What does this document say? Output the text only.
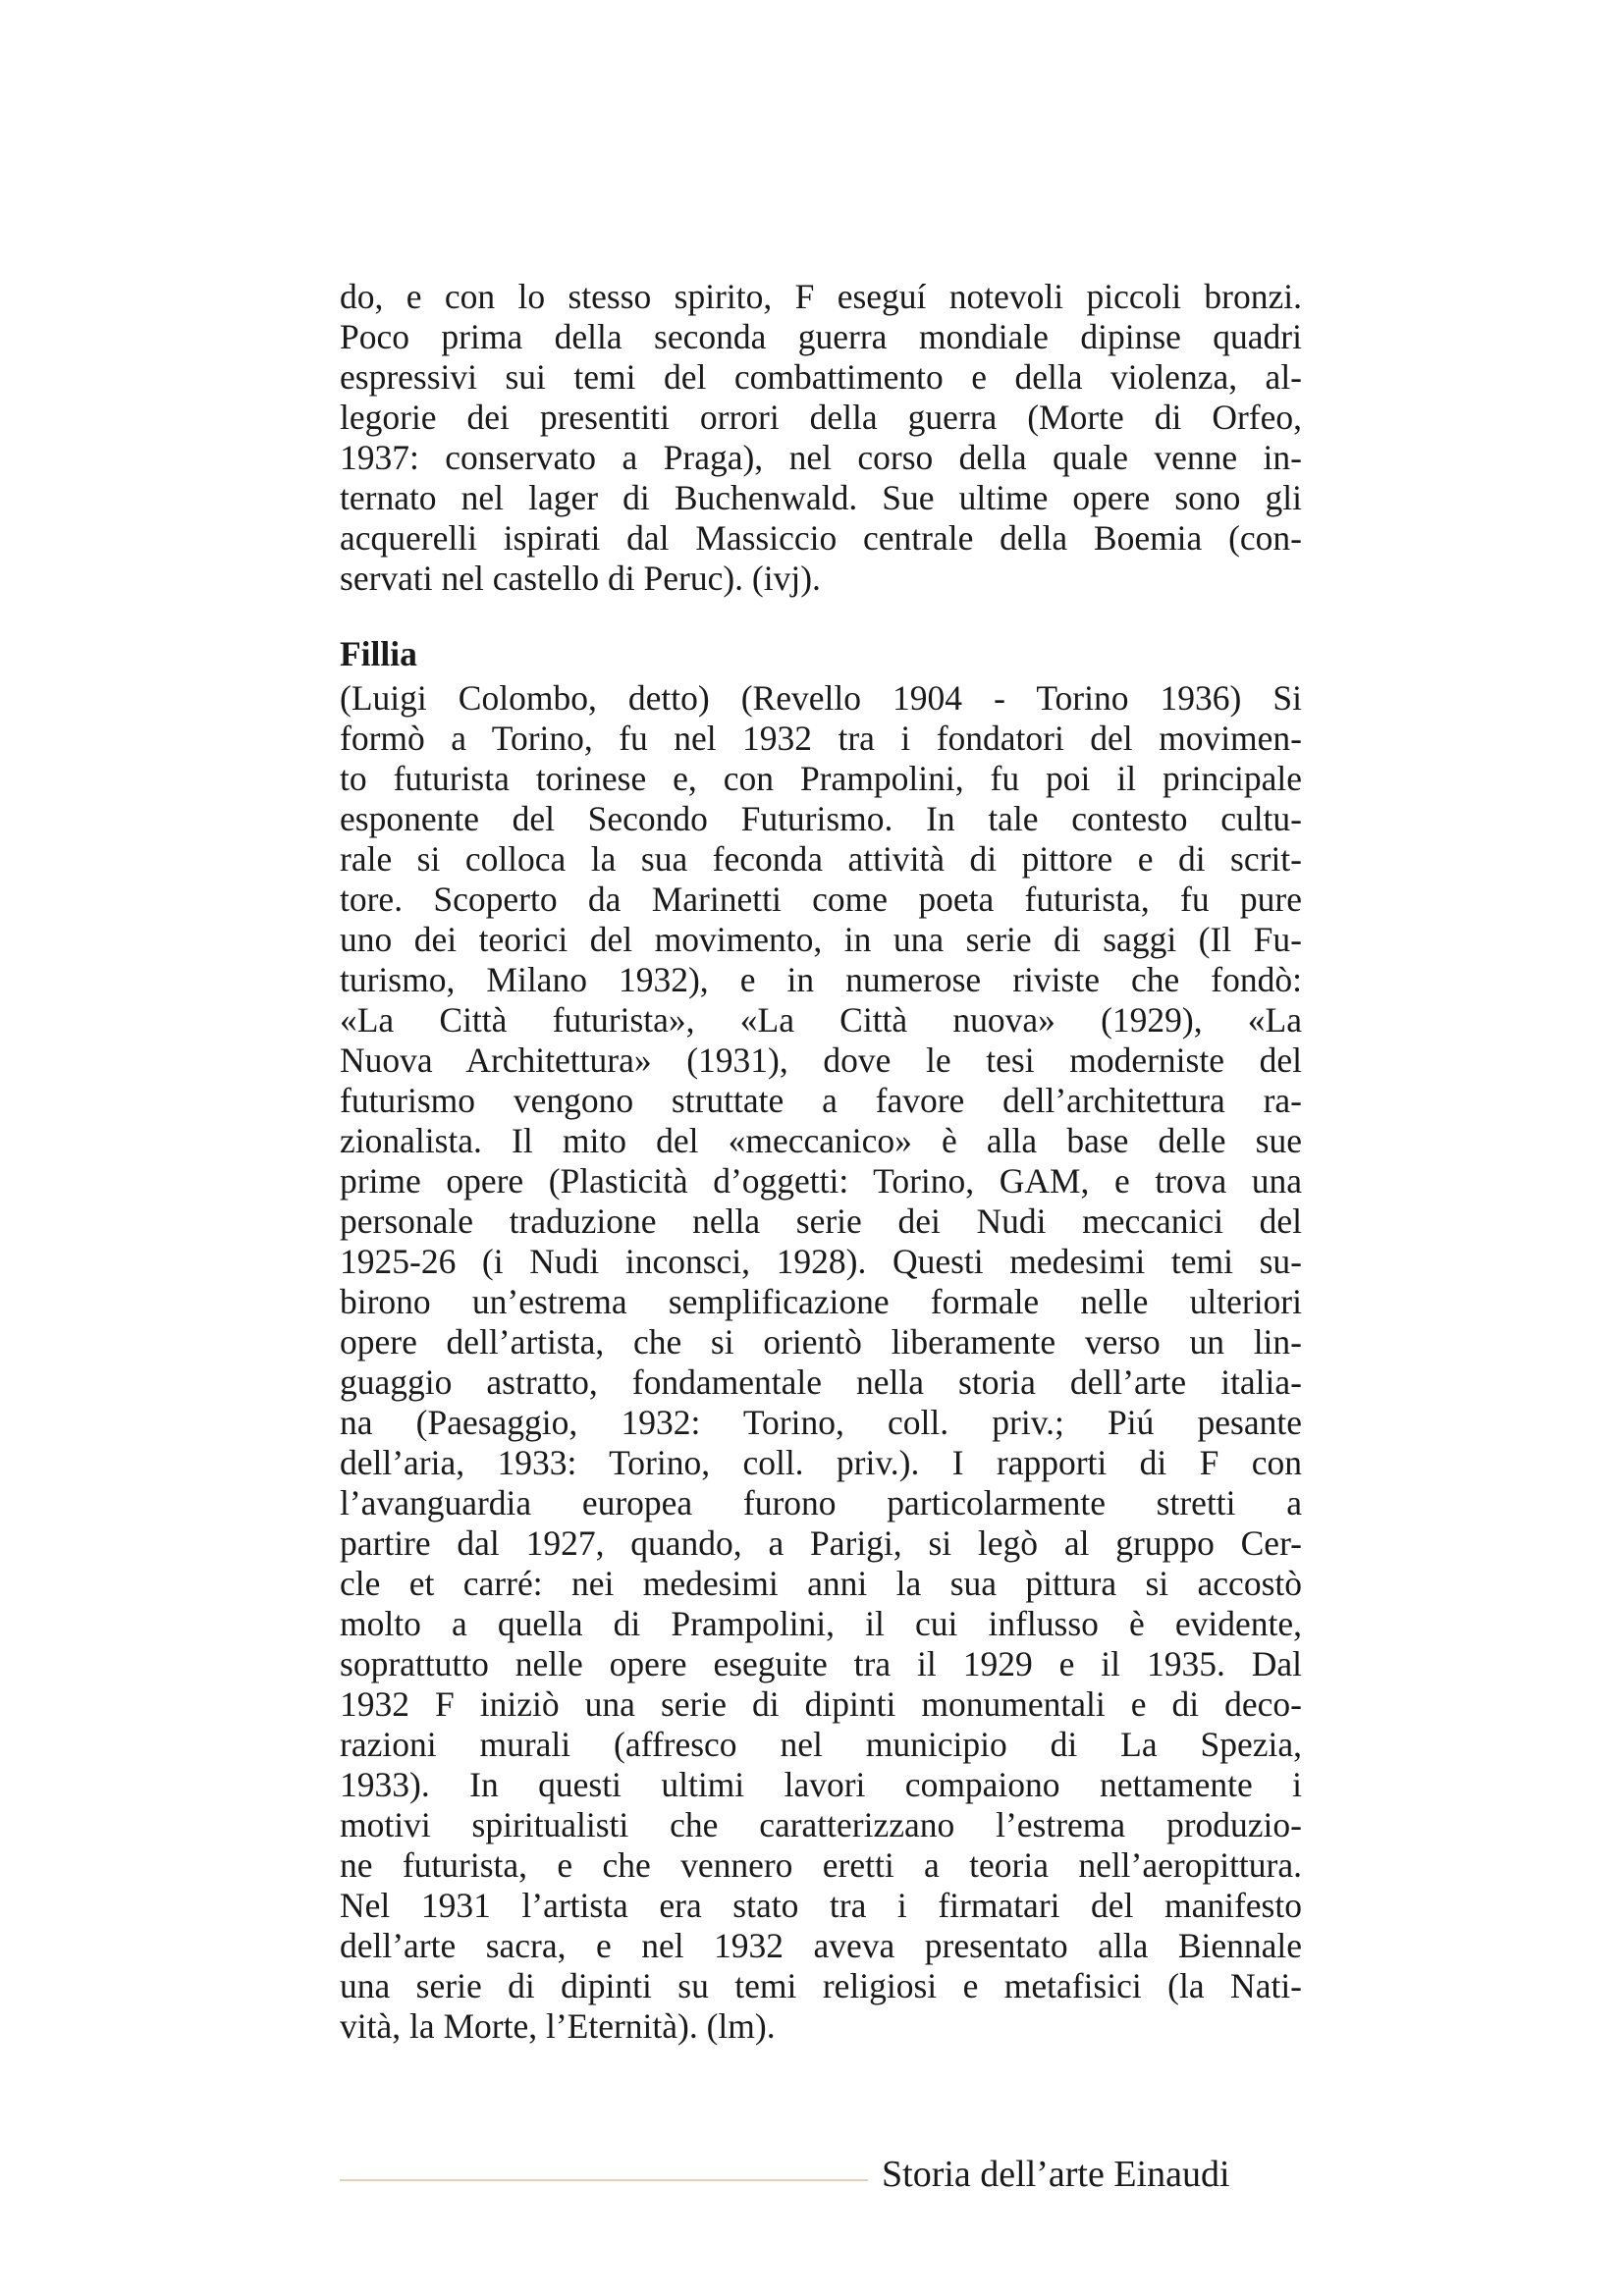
do, e con lo stesso spirito, F eseguí notevoli piccoli bronzi.
Poco prima della seconda guerra mondiale dipinse quadri
espressivi sui temi del combattimento e della violenza, al-
legorie dei presentiti orrori della guerra (Morte di Orfeo,
1937: conservato a Praga), nel corso della quale venne in-
ternato nel lager di Buchenwald. Sue ultime opere sono gli
acquerelli ispirati dal Massiccio centrale della Boemia (con-
servati nel castello di Peruc). (ivj).
Fillia
(Luigi Colombo, detto) (Revello 1904 - Torino 1936) Si
formò a Torino, fu nel 1932 tra i fondatori del movimen-
to futurista torinese e, con Prampolini, fu poi il principale
esponente del Secondo Futurismo. In tale contesto cultu-
rale si colloca la sua feconda attività di pittore e di scrit-
tore. Scoperto da Marinetti come poeta futurista, fu pure
uno dei teorici del movimento, in una serie di saggi (Il Fu-
turismo, Milano 1932), e in numerose riviste che fondò:
«La Città futurista», «La Città nuova» (1929), «La
Nuova Architettura» (1931), dove le tesi moderniste del
futurismo vengono struttate a favore dell’architettura ra-
zionalista. Il mito del «meccanico» è alla base delle sue
prime opere (Plasticità d’oggetti: Torino, GAM, e trova una
personale traduzione nella serie dei Nudi meccanici del
1925-26 (i Nudi inconsci, 1928). Questi medesimi temi su-
birono un’estrema semplificazione formale nelle ulteriori
opere dell’artista, che si orientò liberamente verso un lin-
guaggio astratto, fondamentale nella storia dell’arte italia-
na (Paesaggio, 1932: Torino, coll. priv.; Piú pesante
dell’aria, 1933: Torino, coll. priv.). I rapporti di F con
l’avanguardia europea furono particolarmente stretti a
partire dal 1927, quando, a Parigi, si legò al gruppo Cer-
cle et carré: nei medesimi anni la sua pittura si accostò
molto a quella di Prampolini, il cui influsso è evidente,
soprattutto nelle opere eseguite tra il 1929 e il 1935. Dal
1932 F iniziò una serie di dipinti monumentali e di deco-
razioni murali (affresco nel municipio di La Spezia,
1933). In questi ultimi lavori compaiono nettamente i
motivi spiritualisti che caratterizzano l’estrema produzio-
ne futurista, e che vennero eretti a teoria nell’aeropittura.
Nel 1931 l’artista era stato tra i firmatari del manifesto
dell’arte sacra, e nel 1932 aveva presentato alla Biennale
una serie di dipinti su temi religiosi e metafisici (la Nati-
vità, la Morte, l’Eternità). (lm).
Storia dell’arte Einaudi
